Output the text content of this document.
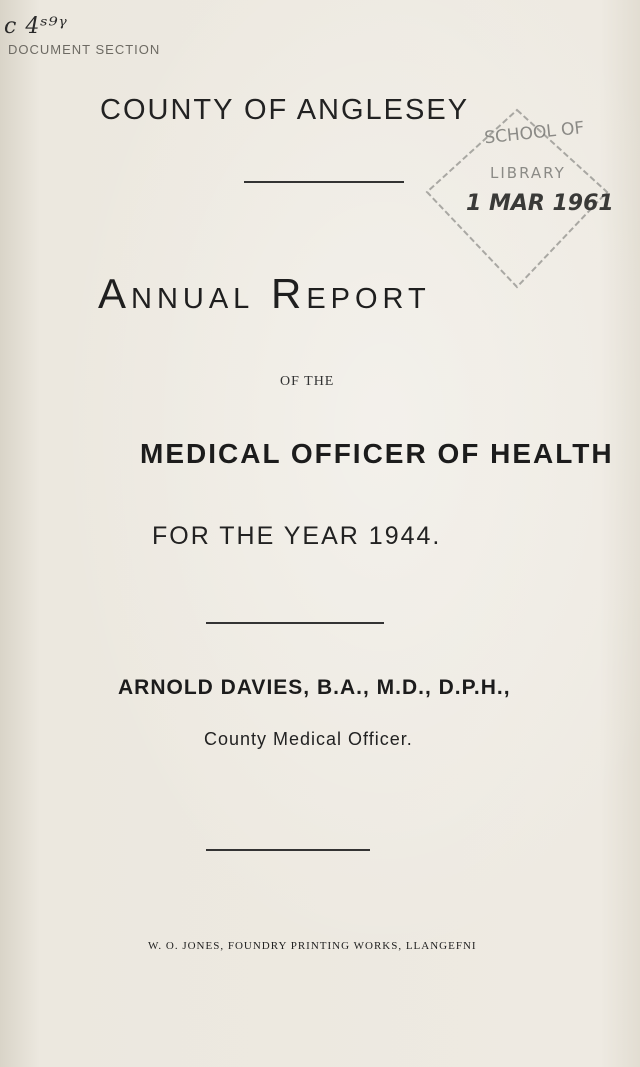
c 4ˢ⁹ᵞ
DOCUMENT SECTION
COUNTY OF ANGLESEY
SCHOOL OF
LIBRARY
1 MAR 1961
Annual Report
OF THE
MEDICAL OFFICER OF HEALTH
FOR THE YEAR 1944.
ARNOLD DAVIES, B.A., M.D., D.P.H.,
County Medical Officer.
W. O. JONES, FOUNDRY PRINTING WORKS, LLANGEFNI
